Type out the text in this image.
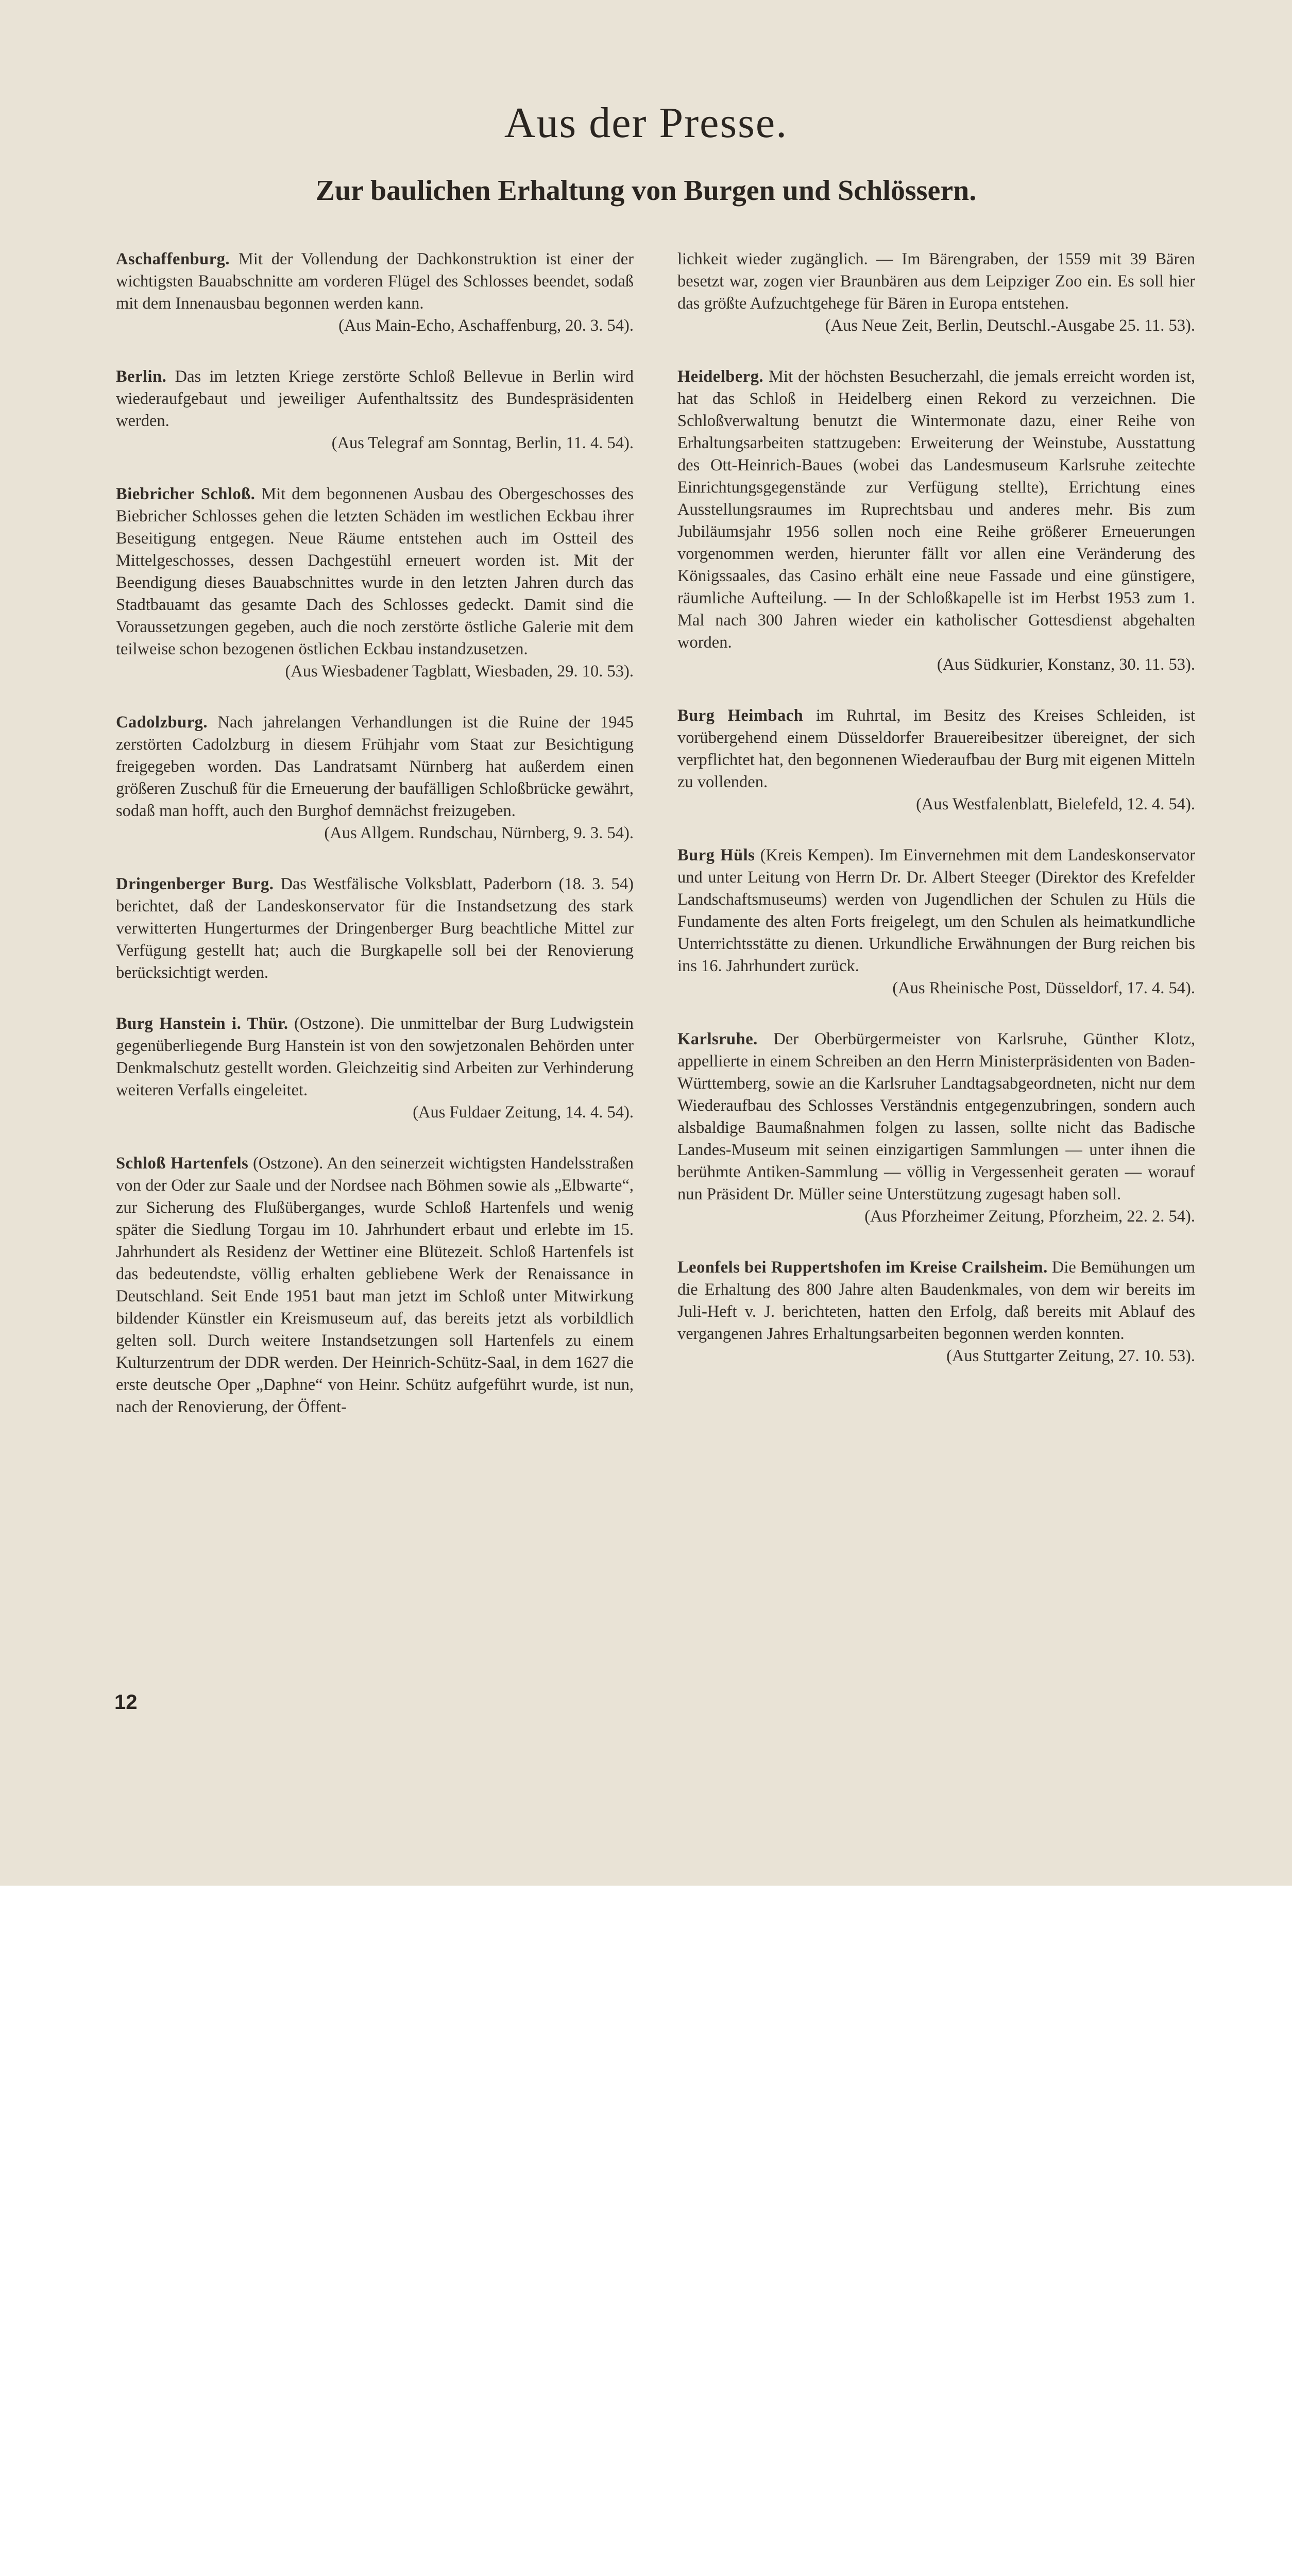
Aus der Presse.
Zur baulichen Erhaltung von Burgen und Schlössern.

Aschaffenburg. Mit der Vollendung der Dachkonstruktion ist einer der wichtigsten Bauabschnitte am vorderen Flügel des Schlosses beendet, sodaß mit dem Innenausbau begonnen werden kann.
(Aus Main-Echo, Aschaffenburg, 20. 3. 54).

Berlin. Das im letzten Kriege zerstörte Schloß Bellevue in Berlin wird wiederaufgebaut und jeweiliger Aufenthaltssitz des Bundespräsidenten werden.
(Aus Telegraf am Sonntag, Berlin, 11. 4. 54).

Biebricher Schloß. Mit dem begonnenen Ausbau des Obergeschosses des Biebricher Schlosses gehen die letzten Schäden im westlichen Eckbau ihrer Beseitigung entgegen. Neue Räume entstehen auch im Ostteil des Mittelgeschosses, dessen Dachgestühl erneuert worden ist. Mit der Beendigung dieses Bauabschnittes wurde in den letzten Jahren durch das Stadtbauamt das gesamte Dach des Schlosses gedeckt. Damit sind die Voraussetzungen gegeben, auch die noch zerstörte östliche Galerie mit dem teilweise schon bezogenen östlichen Eckbau instandzusetzen.
(Aus Wiesbadener Tagblatt, Wiesbaden, 29. 10. 53).

Cadolzburg. Nach jahrelangen Verhandlungen ist die Ruine der 1945 zerstörten Cadolzburg in diesem Frühjahr vom Staat zur Besichtigung freigegeben worden. Das Landratsamt Nürnberg hat außerdem einen größeren Zuschuß für die Erneuerung der baufälligen Schloßbrücke gewährt, sodaß man hofft, auch den Burghof demnächst freizugeben.
(Aus Allgem. Rundschau, Nürnberg, 9. 3. 54).

Dringenberger Burg. Das Westfälische Volksblatt, Paderborn (18. 3. 54) berichtet, daß der Landeskonservator für die Instandsetzung des stark verwitterten Hungerturmes der Dringenberger Burg beachtliche Mittel zur Verfügung gestellt hat; auch die Burgkapelle soll bei der Renovierung berücksichtigt werden.

Burg Hanstein i. Thür. (Ostzone). Die unmittelbar der Burg Ludwigstein gegenüberliegende Burg Hanstein ist von den sowjetzonalen Behörden unter Denkmalschutz gestellt worden. Gleichzeitig sind Arbeiten zur Verhinderung weiteren Verfalls eingeleitet.
(Aus Fuldaer Zeitung, 14. 4. 54).

Schloß Hartenfels (Ostzone). An den seinerzeit wichtigsten Handelsstraßen von der Oder zur Saale und der Nordsee nach Böhmen sowie als „Elbwarte“, zur Sicherung des Flußüberganges, wurde Schloß Hartenfels und wenig später die Siedlung Torgau im 10. Jahrhundert erbaut und erlebte im 15. Jahrhundert als Residenz der Wettiner eine Blütezeit. Schloß Hartenfels ist das bedeutendste, völlig erhalten gebliebene Werk der Renaissance in Deutschland. Seit Ende 1951 baut man jetzt im Schloß unter Mitwirkung bildender Künstler ein Kreismuseum auf, das bereits jetzt als vorbildlich gelten soll. Durch weitere Instandsetzungen soll Hartenfels zu einem Kulturzentrum der DDR werden. Der Heinrich-Schütz-Saal, in dem 1627 die erste deutsche Oper „Daphne“ von Heinr. Schütz aufgeführt wurde, ist nun, nach der Renovierung, der Öffent-

lichkeit wieder zugänglich. — Im Bärengraben, der 1559 mit 39 Bären besetzt war, zogen vier Braunbären aus dem Leipziger Zoo ein. Es soll hier das größte Aufzuchtgehege für Bären in Europa entstehen.
(Aus Neue Zeit, Berlin, Deutschl.-Ausgabe 25. 11. 53).

Heidelberg. Mit der höchsten Besucherzahl, die jemals erreicht worden ist, hat das Schloß in Heidelberg einen Rekord zu verzeichnen. Die Schloßverwaltung benutzt die Wintermonate dazu, einer Reihe von Erhaltungsarbeiten stattzugeben: Erweiterung der Weinstube, Ausstattung des Ott-Heinrich-Baues (wobei das Landesmuseum Karlsruhe zeitechte Einrichtungsgegenstände zur Verfügung stellte), Errichtung eines Ausstellungsraumes im Ruprechtsbau und anderes mehr. Bis zum Jubiläumsjahr 1956 sollen noch eine Reihe größerer Erneuerungen vorgenommen werden, hierunter fällt vor allen eine Veränderung des Königssaales, das Casino erhält eine neue Fassade und eine günstigere, räumliche Aufteilung. — In der Schloßkapelle ist im Herbst 1953 zum 1. Mal nach 300 Jahren wieder ein katholischer Gottesdienst abgehalten worden.
(Aus Südkurier, Konstanz, 30. 11. 53).

Burg Heimbach im Ruhrtal, im Besitz des Kreises Schleiden, ist vorübergehend einem Düsseldorfer Brauereibesitzer übereignet, der sich verpflichtet hat, den begonnenen Wiederaufbau der Burg mit eigenen Mitteln zu vollenden.
(Aus Westfalenblatt, Bielefeld, 12. 4. 54).

Burg Hüls (Kreis Kempen). Im Einvernehmen mit dem Landeskonservator und unter Leitung von Herrn Dr. Dr. Albert Steeger (Direktor des Krefelder Landschaftsmuseums) werden von Jugendlichen der Schulen zu Hüls die Fundamente des alten Forts freigelegt, um den Schulen als heimatkundliche Unterrichtsstätte zu dienen. Urkundliche Erwähnungen der Burg reichen bis ins 16. Jahrhundert zurück.
(Aus Rheinische Post, Düsseldorf, 17. 4. 54).

Karlsruhe. Der Oberbürgermeister von Karlsruhe, Günther Klotz, appellierte in einem Schreiben an den Herrn Ministerpräsidenten von Baden-Württemberg, sowie an die Karlsruher Landtagsabgeordneten, nicht nur dem Wiederaufbau des Schlosses Verständnis entgegenzubringen, sondern auch alsbaldige Baumaßnahmen folgen zu lassen, sollte nicht das Badische Landes-Museum mit seinen einzigartigen Sammlungen — unter ihnen die berühmte Antiken-Sammlung — völlig in Vergessenheit geraten — worauf nun Präsident Dr. Müller seine Unterstützung zugesagt haben soll.
(Aus Pforzheimer Zeitung, Pforzheim, 22. 2. 54).

Leonfels bei Ruppertshofen im Kreise Crailsheim. Die Bemühungen um die Erhaltung des 800 Jahre alten Baudenkmales, von dem wir bereits im Juli-Heft v. J. berichteten, hatten den Erfolg, daß bereits mit Ablauf des vergangenen Jahres Erhaltungsarbeiten begonnen werden konnten.
(Aus Stuttgarter Zeitung, 27. 10. 53).

12
